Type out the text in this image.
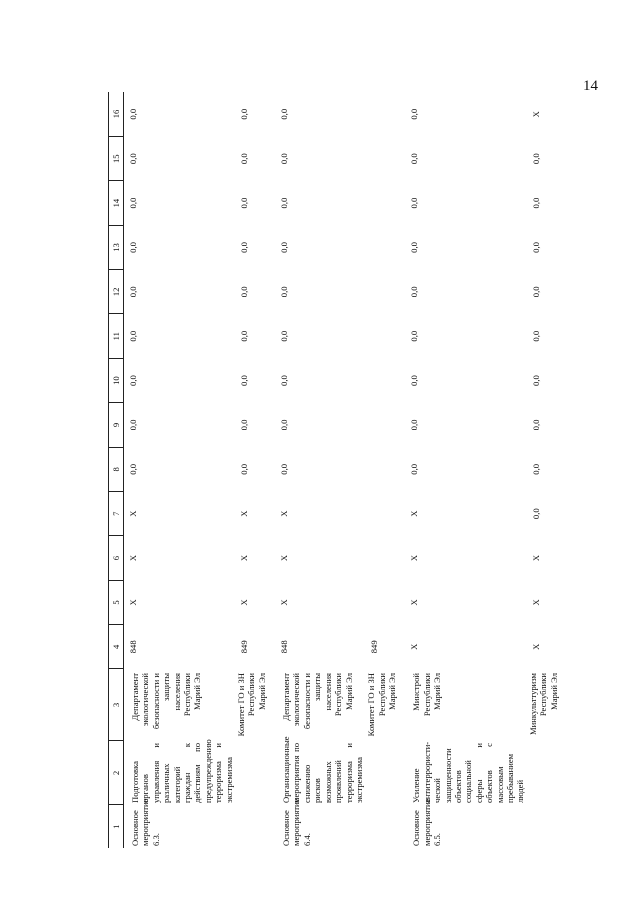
14
1	2	3	4	5	6	7	8	9	10	11	12	13	14	15	16
Основное мероприятие 6.3.	Подготовка органов управления и различных категорий граждан к действиям по предупреждению терроризма и экстремизма	Департамент экологической безопасности и защиты населения Республики Марий Эл	848	X	X	X	0,0	0,0	0,0	0,0	0,0	0,0	0,0	0,0	0,0
		Комитет ГО и ЗН Республики Марий Эл	849	X	X	X	0,0	0,0	0,0	0,0	0,0	0,0	0,0	0,0	0,0
Основное мероприятие 6.4.	Организационные мероприятия по снижению рисков возможных проявлений терроризма и экстремизма	Департамент экологической безопасности и защиты населения Республики Марий Эл	848	X	X	X	0,0	0,0	0,0	0,0	0,0	0,0	0,0	0,0	0,0
		Комитет ГО и ЗН Республики Марий Эл	849												
Основное мероприятие 6.5.	Усиление антитеррористи-ческой защищенности объектов социальной сферы и объектов с массовым пребыванием людей	Минстрой Республики Марий Эл	X	X	X	X	0,0	0,0	0,0	0,0	0,0	0,0	0,0	0,0	0,0
		Минкульттуризм Республики Марий Эл	X	X	X	0,0	0,0	0,0	0,0	0,0	0,0	0,0	0,0	0,0	X
